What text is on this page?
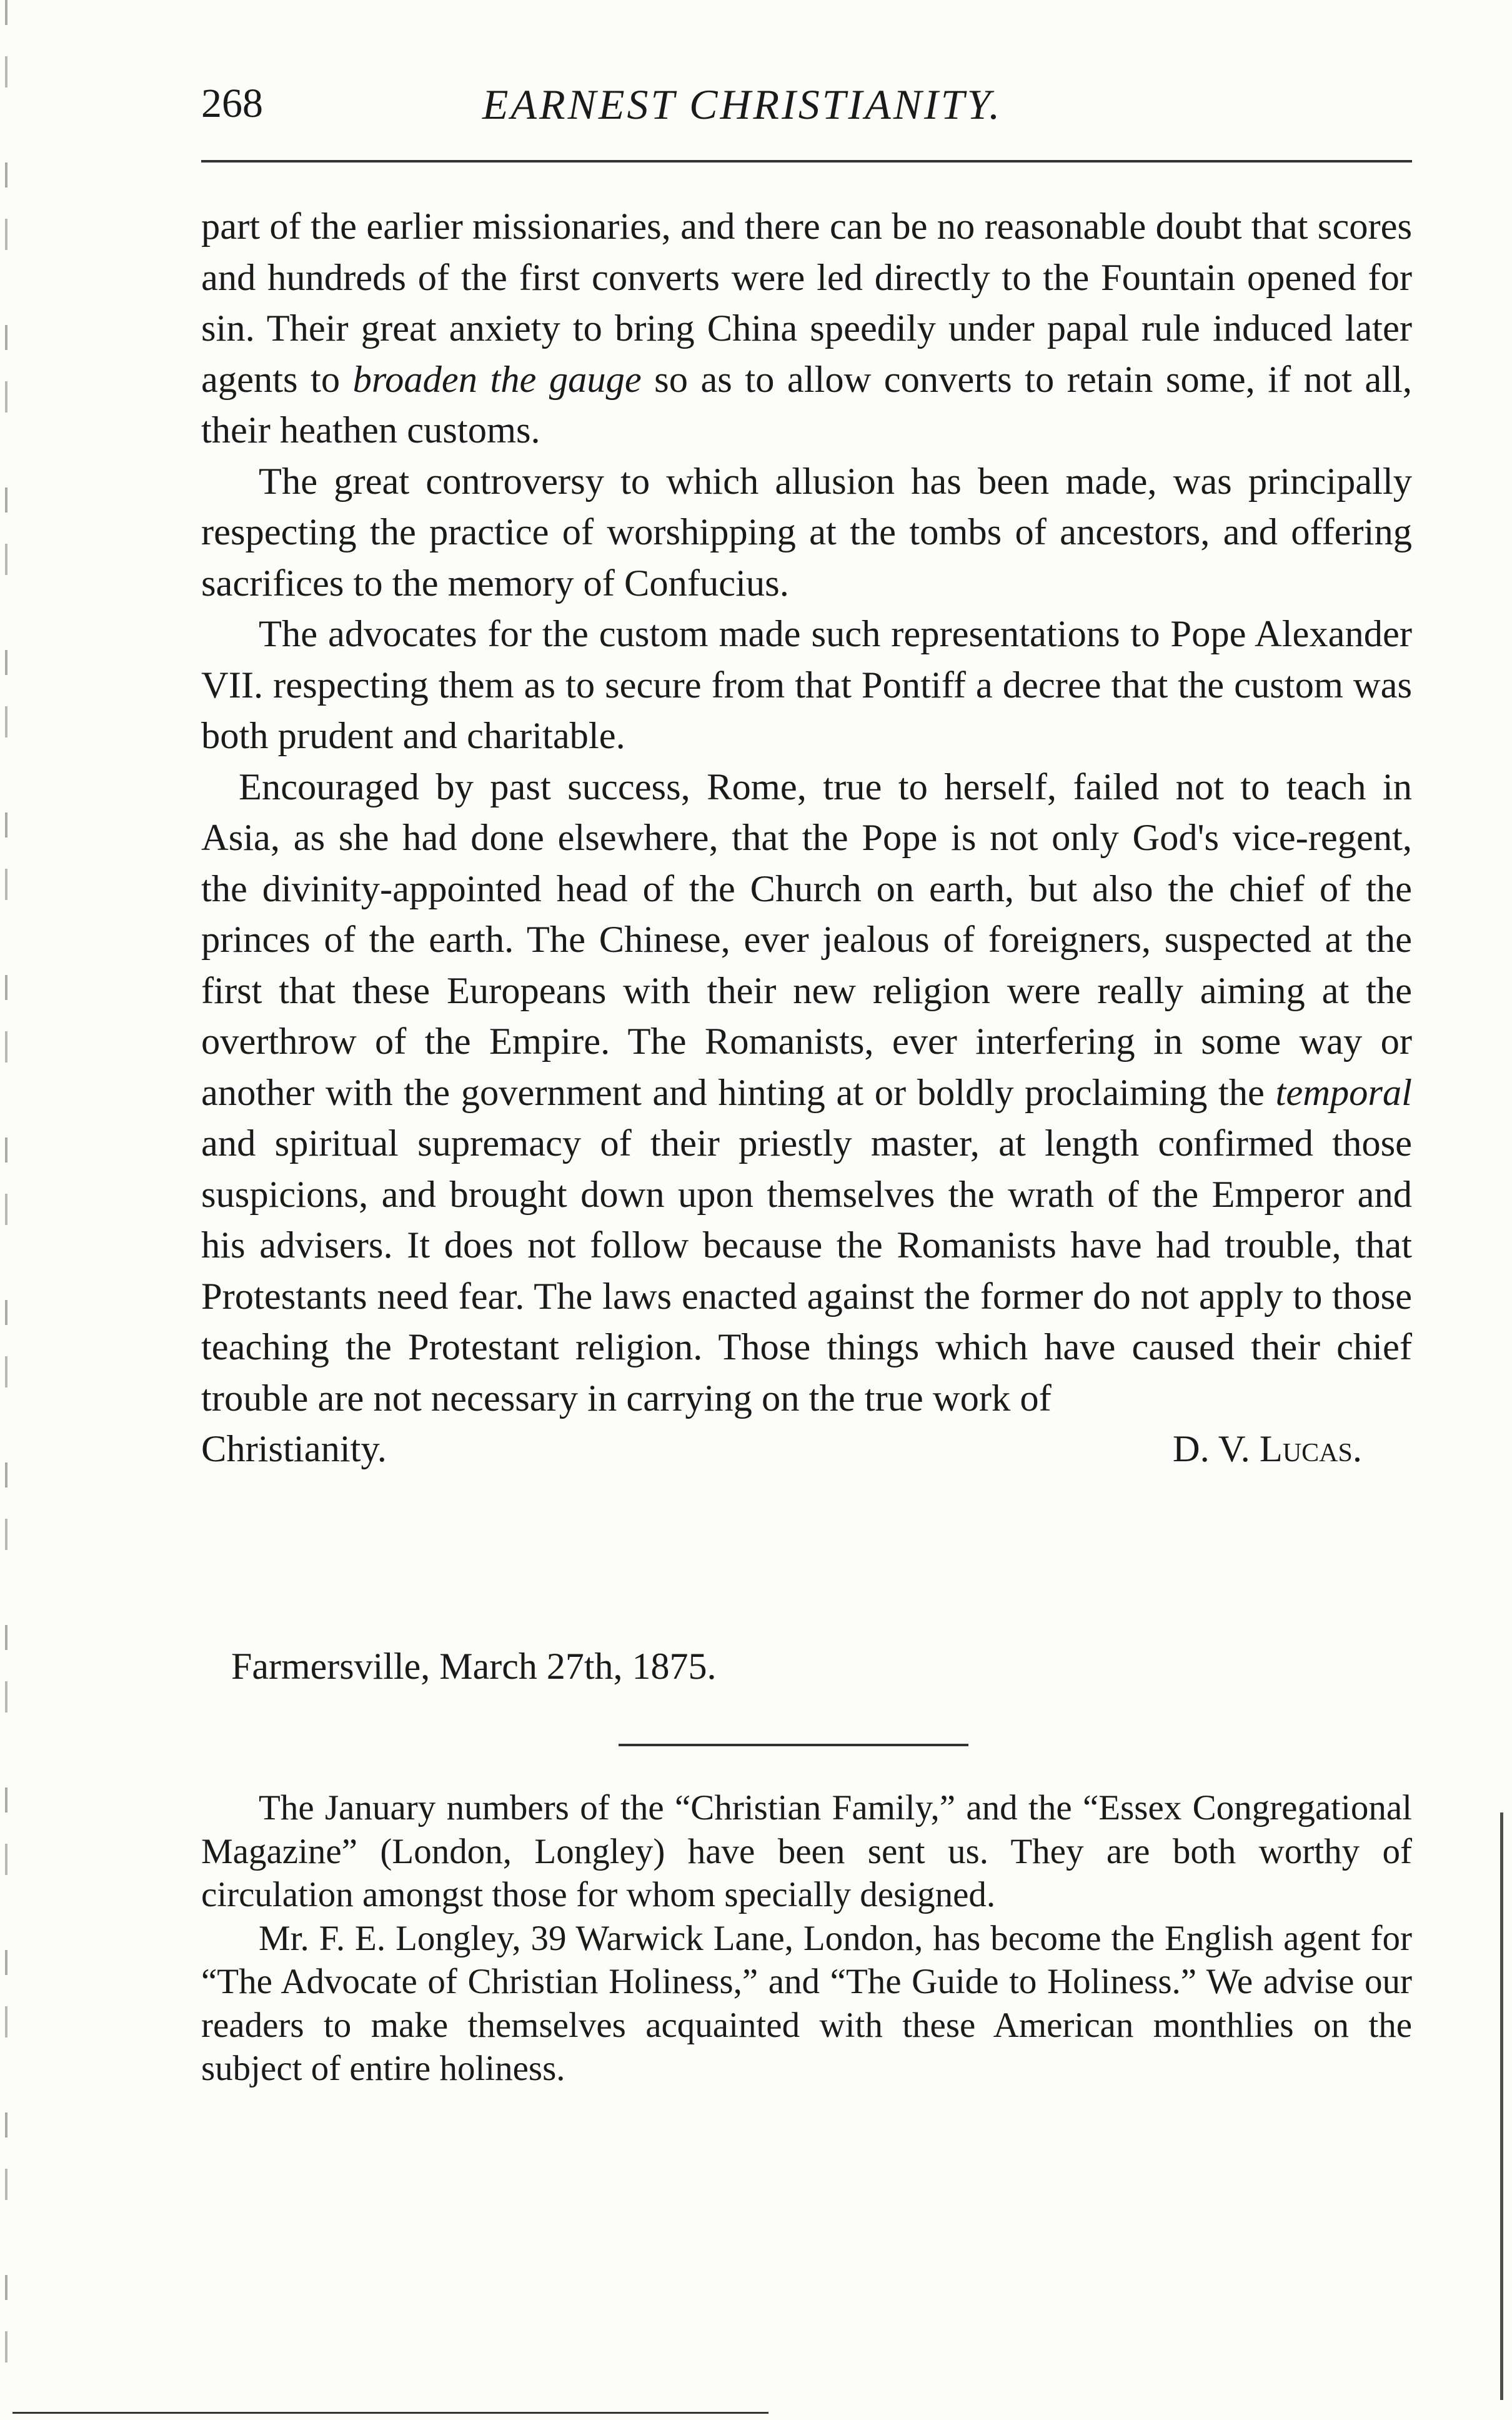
268	EARNEST CHRISTIANITY.

part of the earlier missionaries, and there can be no reasonable doubt that scores and hundreds of the first converts were led directly to the Fountain opened for sin. Their great anxiety to bring China speedily under papal rule induced later agents to broaden the gauge so as to allow converts to retain some, if not all, their heathen customs.

The great controversy to which allusion has been made, was principally respecting the practice of worshipping at the tombs of ancestors, and offering sacrifices to the memory of Confucius.

The advocates for the custom made such representations to Pope Alexander VII. respecting them as to secure from that Pontiff a decree that the custom was both prudent and charitable.

Encouraged by past success, Rome, true to herself, failed not to teach in Asia, as she had done elsewhere, that the Pope is not only God's vice-regent, the divinity-appointed head of the Church on earth, but also the chief of the princes of the earth. The Chinese, ever jealous of foreigners, suspected at the first that these Europeans with their new religion were really aiming at the overthrow of the Empire. The Romanists, ever interfering in some way or another with the government and hinting at or boldly proclaiming the temporal and spiritual supremacy of their priestly master, at length confirmed those suspicions, and brought down upon themselves the wrath of the Emperor and his advisers. It does not follow because the Romanists have had trouble, that Protestants need fear. The laws enacted against the former do not apply to those teaching the Protestant religion. Those things which have caused their chief trouble are not necessary in carrying on the true work of

Christianity.	D. V. Lucas.
Farmersville, March 27th, 1875.

The January numbers of the “Christian Family,” and the “Essex Congregational Magazine” (London, Longley) have been sent us. They are both worthy of circulation amongst those for whom specially designed.

Mr. F. E. Longley, 39 Warwick Lane, London, has become the English agent for “The Advocate of Christian Holiness,” and “The Guide to Holiness.” We advise our readers to make themselves acquainted with these American monthlies on the subject of entire holiness.
